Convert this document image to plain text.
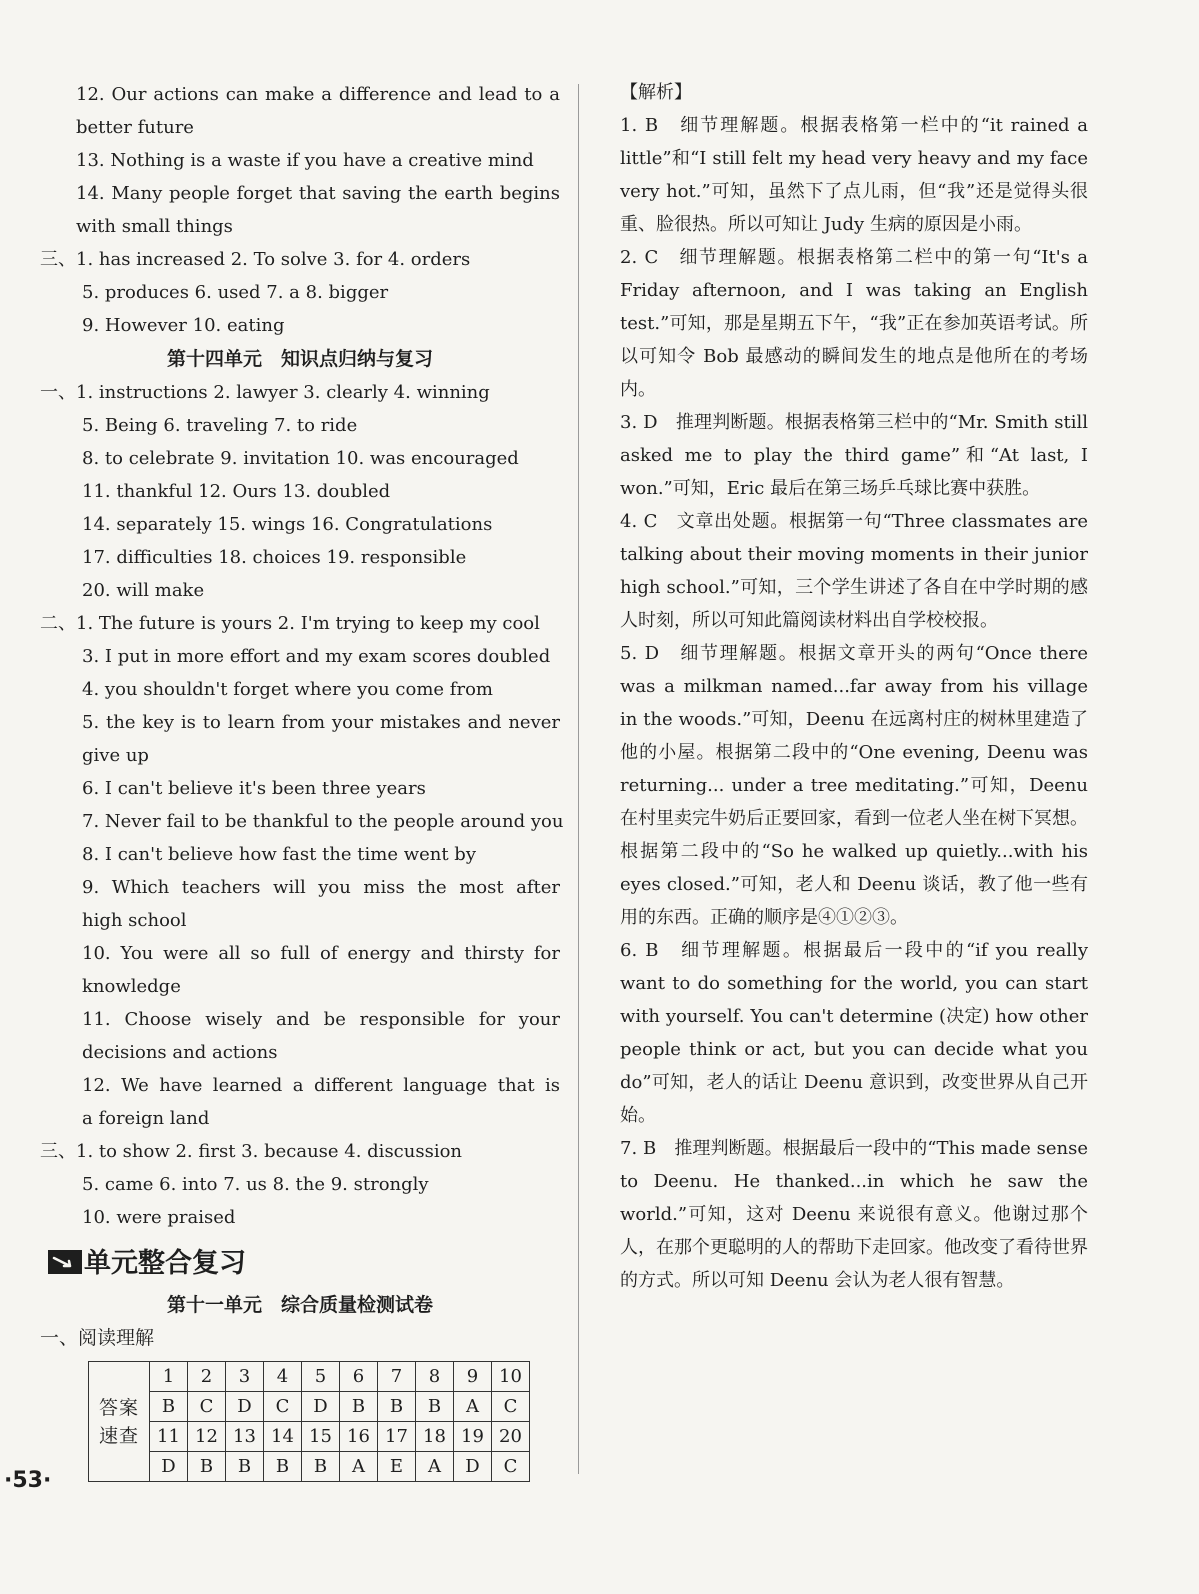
12. Our actions can make a difference and lead to a
better future
13. Nothing is a waste if you have a creative mind
14. Many people forget that saving the earth begins
with small things
三、1. has increased 2. To solve 3. for 4. orders
5. produces 6. used 7. a 8. bigger
9. However 10. eating
第十四单元　知识点归纳与复习
一、1. instructions 2. lawyer 3. clearly 4. winning
5. Being 6. traveling 7. to ride
8. to celebrate 9. invitation 10. was encouraged
11. thankful 12. Ours 13. doubled
14. separately 15. wings 16. Congratulations
17. difficulties 18. choices 19. responsible
20. will make
二、1. The future is yours 2. I'm trying to keep my cool
3. I put in more effort and my exam scores doubled
4. you shouldn't forget where you come from
5. the key is to learn from your mistakes and never
give up
6. I can't believe it's been three years
7. Never fail to be thankful to the people around you
8. I can't believe how fast the time went by
9. Which teachers will you miss the most after
high school
10. You were all so full of energy and thirsty for
knowledge
11. Choose wisely and be responsible for your
decisions and actions
12. We have learned a different language that is
a foreign land
三、1. to show 2. first 3. because 4. discussion
5. came 6. into 7. us 8. the 9. strongly
10. were praised
单元整合复习
第十一单元　综合质量检测试卷
一、阅读理解
答案速查	1	2	3	4	5	6	7	8	9	10
	B	C	D	C	D	B	B	B	A	C
	11	12	13	14	15	16	17	18	19	20
	D	B	B	B	B	A	E	A	D	C
【解析】

1. B　细节理解题。根据表格第一栏中的“it rained a little”和“I still felt my head very heavy and my face very hot.”可知，虽然下了点儿雨，但“我”还是觉得头很重、脸很热。所以可知让 Judy 生病的原因是小雨。

2. C　细节理解题。根据表格第二栏中的第一句“It's a Friday afternoon, and I was taking an English test.”可知，那是星期五下午，“我”正在参加英语考试。所以可知令 Bob 最感动的瞬间发生的地点是他所在的考场内。

3. D　推理判断题。根据表格第三栏中的“Mr. Smith still asked me to play the third game”和“At last, I won.”可知，Eric 最后在第三场乒乓球比赛中获胜。

4. C　文章出处题。根据第一句“Three classmates are talking about their moving moments in their junior high school.”可知，三个学生讲述了各自在中学时期的感人时刻，所以可知此篇阅读材料出自学校校报。

5. D　细节理解题。根据文章开头的两句“Once there was a milkman named...far away from his village in the woods.”可知，Deenu 在远离村庄的树林里建造了他的小屋。根据第二段中的“One evening, Deenu was returning... under a tree meditating.”可知，Deenu 在村里卖完牛奶后正要回家，看到一位老人坐在树下冥想。根据第二段中的“So he walked up quietly...with his eyes closed.”可知，老人和 Deenu 谈话，教了他一些有用的东西。正确的顺序是④①②③。

6. B　细节理解题。根据最后一段中的“if you really want to do something for the world, you can start with yourself. You can't determine (决定) how other people think or act, but you can decide what you do”可知，老人的话让 Deenu 意识到，改变世界从自己开始。

7. B　推理判断题。根据最后一段中的“This made sense to Deenu. He thanked...in which he saw the world.”可知，这对 Deenu 来说很有意义。他谢过那个人，在那个更聪明的人的帮助下走回家。他改变了看待世界的方式。所以可知 Deenu 会认为老人很有智慧。

·53·
